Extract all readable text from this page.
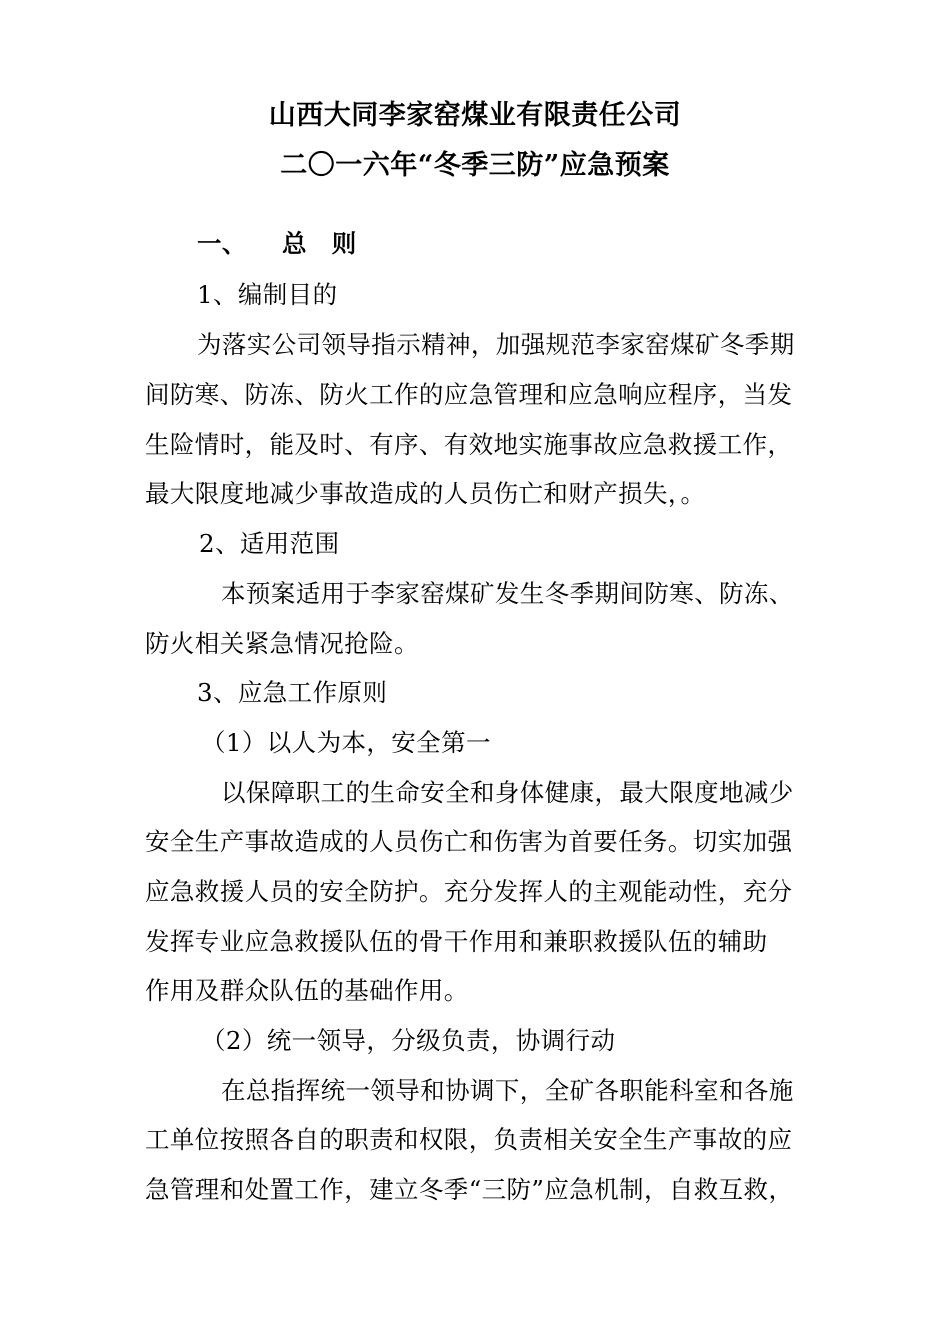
山西大同李家窑煤业有限责任公司
二〇一六年“冬季三防”应急预案
一、 总　则
1、编制目的
为落实公司领导指示精神，加强规范李家窑煤矿冬季期
间防寒、防冻、防火工作的应急管理和应急响应程序，当发
生险情时，能及时、有序、有效地实施事故应急救援工作，
最大限度地减少事故造成的人员伤亡和财产损失，。
2、适用范围
本预案适用于李家窑煤矿发生冬季期间防寒、防冻、
防火相关紧急情况抢险。
3、应急工作原则
（1）以人为本，安全第一
以保障职工的生命安全和身体健康，最大限度地减少
安全生产事故造成的人员伤亡和伤害为首要任务。切实加强
应急救援人员的安全防护。充分发挥人的主观能动性，充分
发挥专业应急救援队伍的骨干作用和兼职救援队伍的辅助
作用及群众队伍的基础作用。
（2）统一领导，分级负责，协调行动
在总指挥统一领导和协调下，全矿各职能科室和各施
工单位按照各自的职责和权限，负责相关安全生产事故的应
急管理和处置工作，建立冬季“三防”应急机制，自救互救，
